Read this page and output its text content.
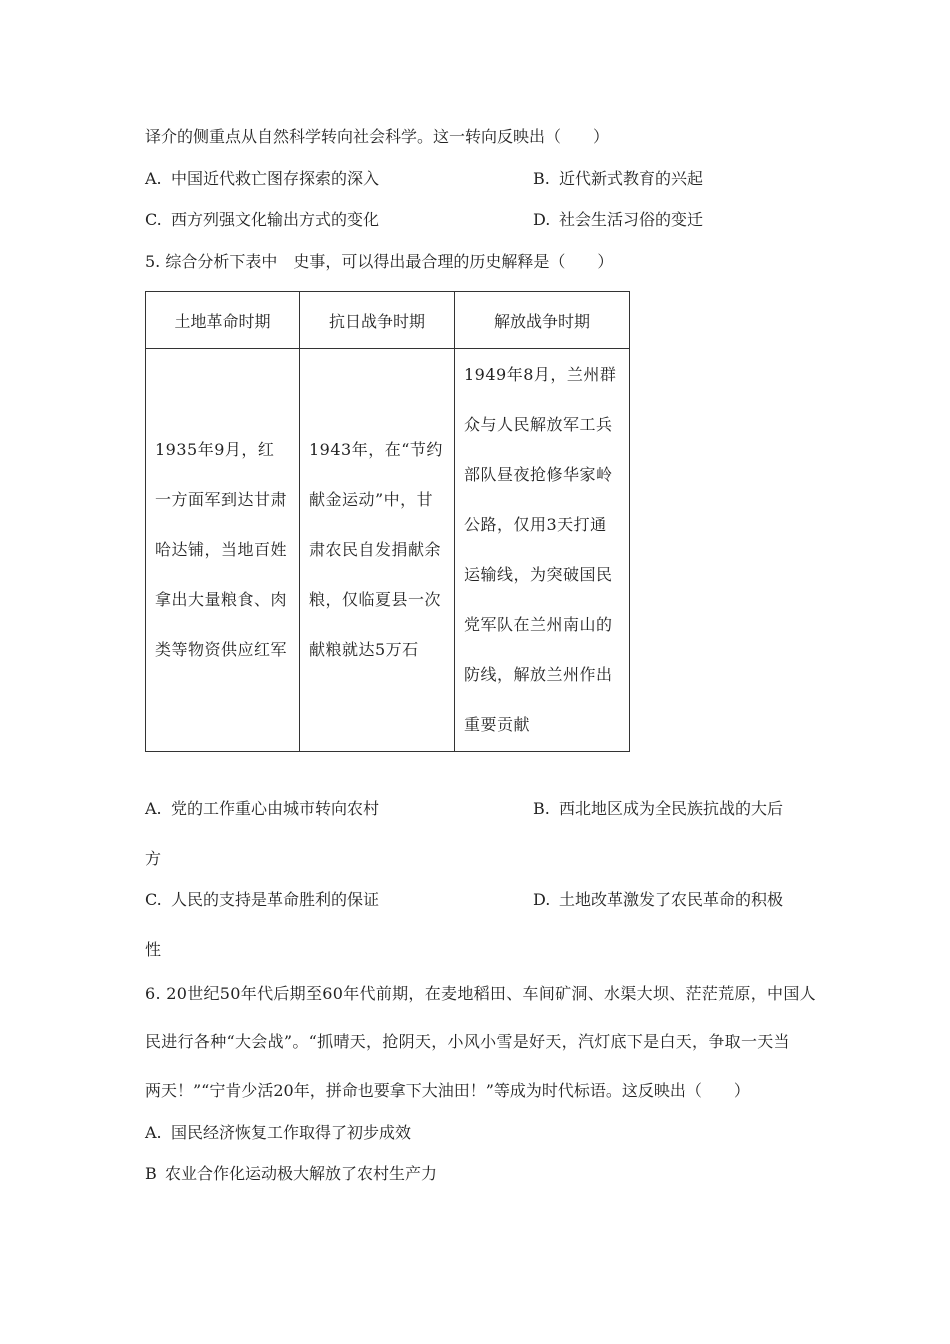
译介的侧重点从自然科学转向社会科学。这一转向反映出（　　）
A. 中国近代救亡图存探索的深入	B. 近代新式教育的兴起
C. 西方列强文化输出方式的变化	D. 社会生活习俗的变迁
5. 综合分析下表中　史事，可以得出最合理的历史解释是（　　）
土地革命时期	抗日战争时期	解放战争时期

1935年9月，红一方面军到达甘肃哈达铺，当地百姓拿出大量粮食、肉类等物资供应红军	1943年，在“节约献金运动”中，甘肃农民自发捐献余粮，仅临夏县一次献粮就达5万石	1949年8月，兰州群众与人民解放军工兵部队昼夜抢修华家岭公路，仅用3天打通运输线，为突破国民党军队在兰州南山的防线，解放兰州作出重要贡献
A. 党的工作重心由城市转向农村	B. 西北地区成为全民族抗战的大后
方
C. 人民的支持是革命胜利的保证	D. 土地改革激发了农民革命的积极
性
6. 20世纪50年代后期至60年代前期，在麦地稻田、车间矿洞、水渠大坝、茫茫荒原，中国人
民进行各种“大会战”。“抓晴天，抢阴天，小风小雪是好天，汽灯底下是白天，争取一天当
两天！”“宁肯少活20年，拼命也要拿下大油田！”等成为时代标语。这反映出（　　）
A. 国民经济恢复工作取得了初步成效
B 农业合作化运动极大解放了农村生产力
